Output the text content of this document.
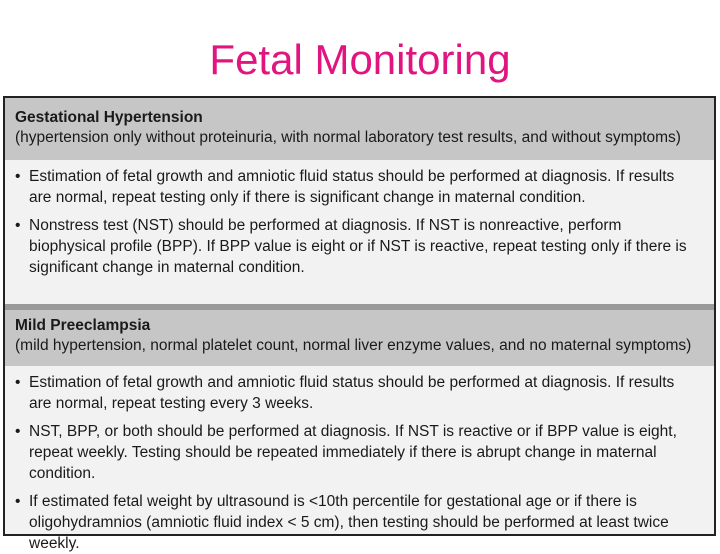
Fetal Monitoring
Gestational Hypertension
(hypertension only without proteinuria, with normal laboratory test results, and without symptoms)
• Estimation of fetal growth and amniotic fluid status should be performed at diagnosis. If results are normal, repeat testing only if there is significant change in maternal condition.
• Nonstress test (NST) should be performed at diagnosis. If NST is nonreactive, perform biophysical profile (BPP). If BPP value is eight or if NST is reactive, repeat testing only if there is significant change in maternal condition.
Mild Preeclampsia
(mild hypertension, normal platelet count, normal liver enzyme values, and no maternal symptoms)
• Estimation of fetal growth and amniotic fluid status should be performed at diagnosis. If results are normal, repeat testing every 3 weeks.
• NST, BPP, or both should be performed at diagnosis. If NST is reactive or if BPP value is eight, repeat weekly. Testing should be repeated immediately if there is abrupt change in maternal condition.
• If estimated fetal weight by ultrasound is <10th percentile for gestational age or if there is oligohydramnios (amniotic fluid index < 5 cm), then testing should be performed at least twice weekly.
